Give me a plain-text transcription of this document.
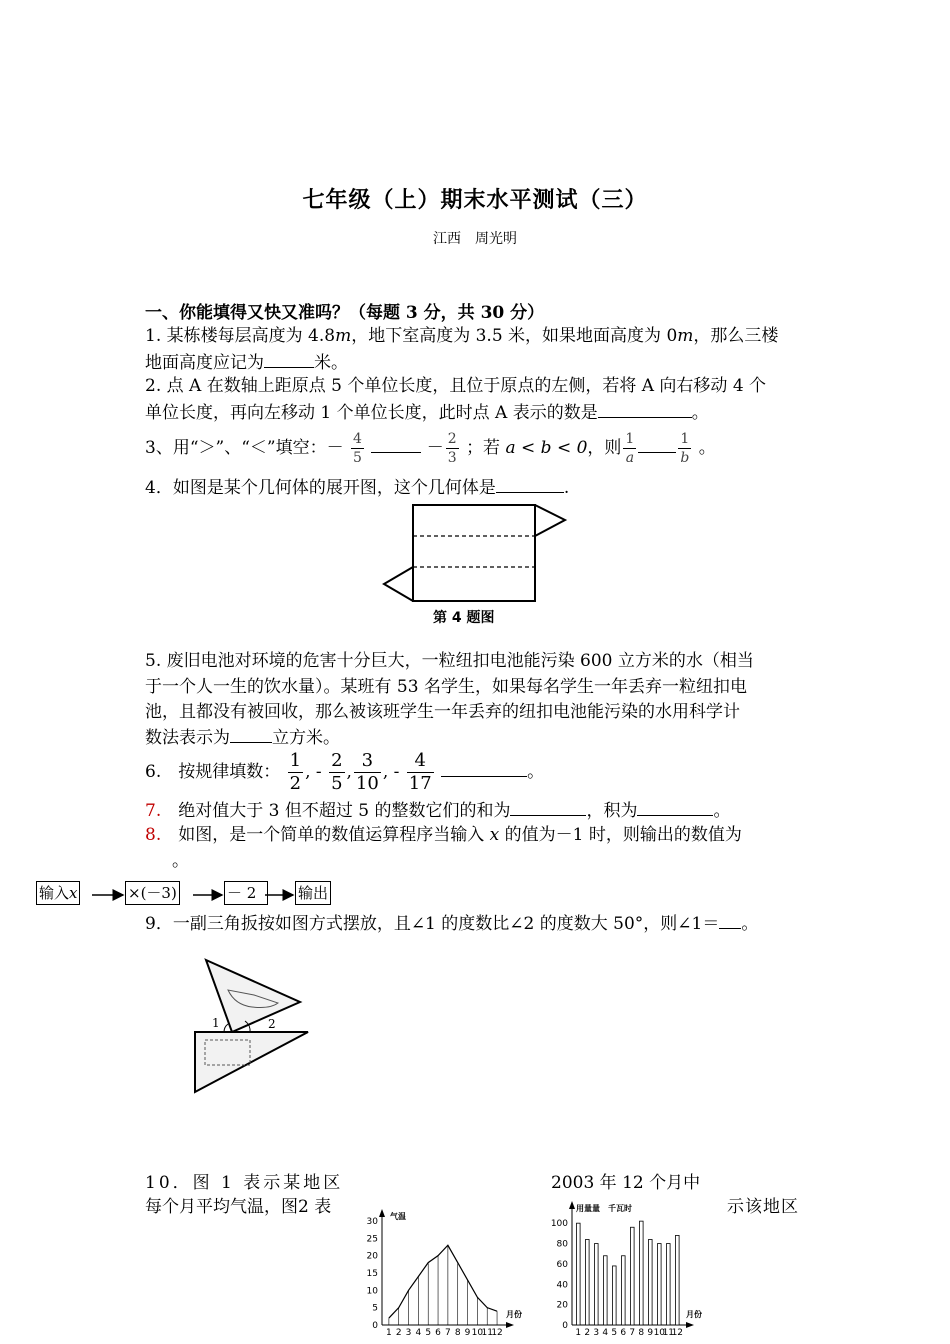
七年级（上）期末水平测试（三）
江西　周光明
一、你能填得又快又准吗？（每题 3 分，共 30 分）
1. 某栋楼每层高度为 4.8m，地下室高度为 3.5 米，如果地面高度为 0m，那么三楼
地面高度应记为	米。
2. 点 A 在数轴上距原点 5 个单位长度，且位于原点的左侧，若将 A 向右移动 4 个
单位长度，再向左移动 1 个单位长度，此时点 A 表示的数是	。
3、用“＞”、“＜”填空：－ $\frac{4}{5}$	－ $\frac{2}{3}$ ；若 a < b < 0，则 $\frac{1}{a}$	$\frac{1}{b}$ 。
4．如图是某个几何体的展开图，这个几何体是	.
第 4 题图
5. 废旧电池对环境的危害十分巨大，一粒纽扣电池能污染 600 立方米的水（相当
于一个人一生的饮水量）。某班有 53 名学生，如果每名学生一年丢弃一粒纽扣电
池，且都没有被回收，那么被该班学生一年丢弃的纽扣电池能污染的水用科学计
数法表示为 立方米。
6.　按规律填数： $\frac{1}{2}$ , - $\frac{2}{5}$ , $\frac{3}{10}$ , - $\frac{4}{17}$	。
7.　绝对值大于 3 但不超过 5 的整数它们的和为	，积为	。
8.　如图，是一个简单的数值运算程序当输入 x 的值为－1 时，则输出的数值为
。
输入x	×(－3)	－ 2	输出
9．一副三角扳按如图方式摆放，且∠1 的度数比∠2 的度数大 50°，则∠1＝ 。
1	2
10．图 1 表示某地区	2003 年 12 个月中
每个月平均气温，图2 表	示该地区
30
25
20
15
10
5
0
1 2 3 4 5 6 7 8 9 10
11
12
月份
气温
100
80
60
40
20
0
1 2 3 4 5 6 7 8 9 10
11
12
月份
用量量　千瓦时
